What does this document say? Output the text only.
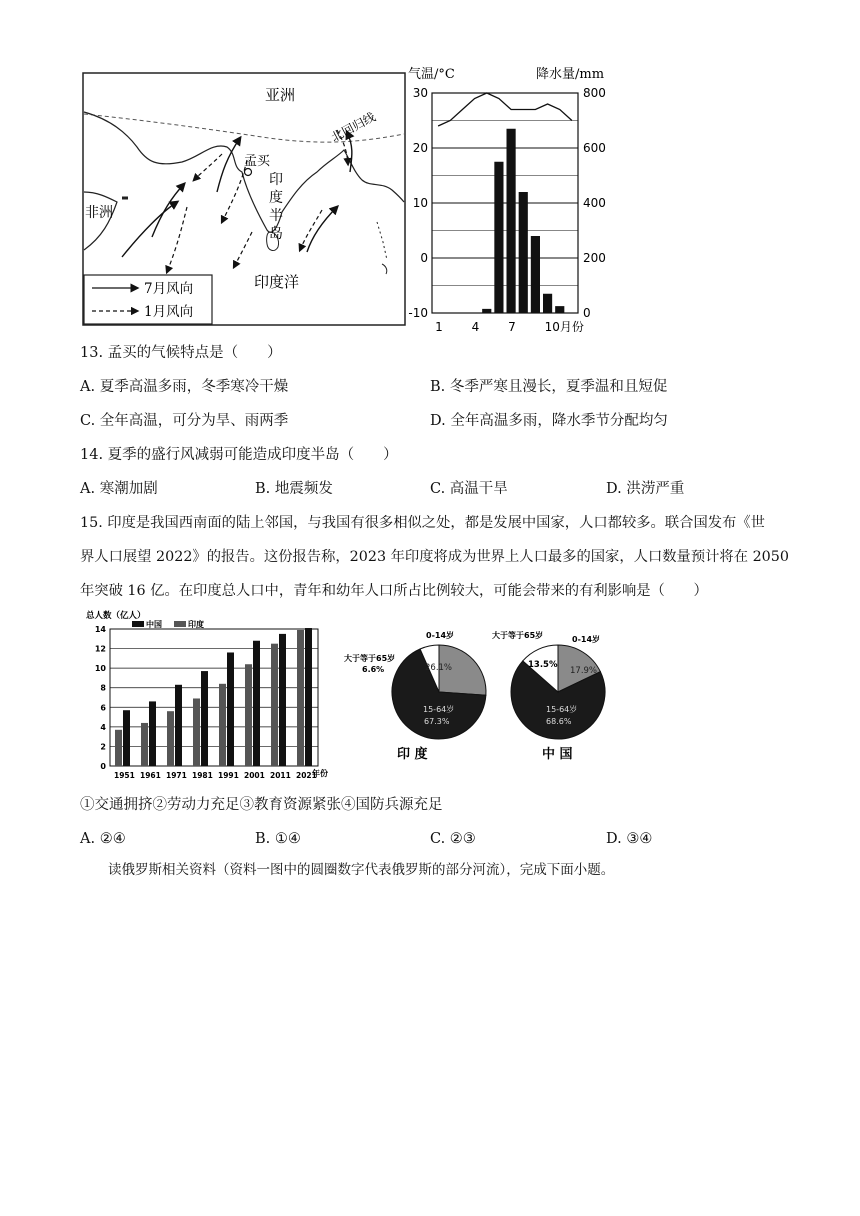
亚洲
非洲
印度洋
孟买
印
度
半
岛
北回归线
7月风向
1月风向
气温/°C	降水量/mm
30	800
20	600
10	400
0	200
-10	0
1 4 7 10月份
13. 孟买的气候特点是（　　）
A. 夏季高温多雨，冬季寒冷干燥	B. 冬季严寒且漫长，夏季温和且短促
C. 全年高温，可分为旱、雨两季	D. 全年高温多雨，降水季节分配均匀
14. 夏季的盛行风减弱可能造成印度半岛（　　）
A. 寒潮加剧	B. 地震频发	C. 高温干旱	D. 洪涝严重
15. 印度是我国西南面的陆上邻国，与我国有很多相似之处，都是发展中国家，人口都较多。联合国发布《世
界人口展望 2022》的报告。这份报告称，2023 年印度将成为世界上人口最多的国家，人口数量预计将在 2050
年突破 16 亿。在印度总人口中，青年和幼年人口所占比例较大，可能会带来的有利影响是（　　）
总人数（亿人）
14
12
10
8
6
4
2
0
1951 1961 1971 1981 1991 2001 2011 2021
中国	印度
年份
大于等于65岁
6.6%
0-14岁
26.1%
15-64岁
67.3%
印 度
大于等于65岁	0-14岁
13.5%
17.9%
15-64岁
68.6%
中 国
①交通拥挤②劳动力充足③教育资源紧张④国防兵源充足
A. ②④	B. ①④	C. ②③	D. ③④
读俄罗斯相关资料（资料一图中的圆圈数字代表俄罗斯的部分河流），完成下面小题。
